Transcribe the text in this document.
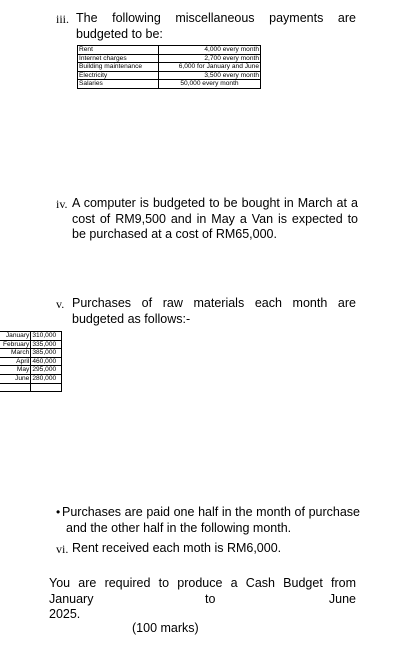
iii. The following miscellaneous payments are
budgeted to be:
Rent	4,000 every month
Internet charges	2,700 every month
Building maintenance	6,000 for January and June
Electricity	3,500 every month
Salaries	50,000 every month
iv. A computer is budgeted to be bought in March at a
cost of RM9,500 and in May a Van is expected to
be purchased at a cost of RM65,000.
v. Purchases of raw materials each month are
budgeted as follows:-
January	310,000
February	335,000
March	385,000
April	460,000
May	295,000
June	280,000

• Purchases are paid one half in the month of purchase
and the other half in the following month.
vi. Rent received each moth is RM6,000.
You are required to produce a Cash Budget from
January	to	June
2025.
(100 marks)
